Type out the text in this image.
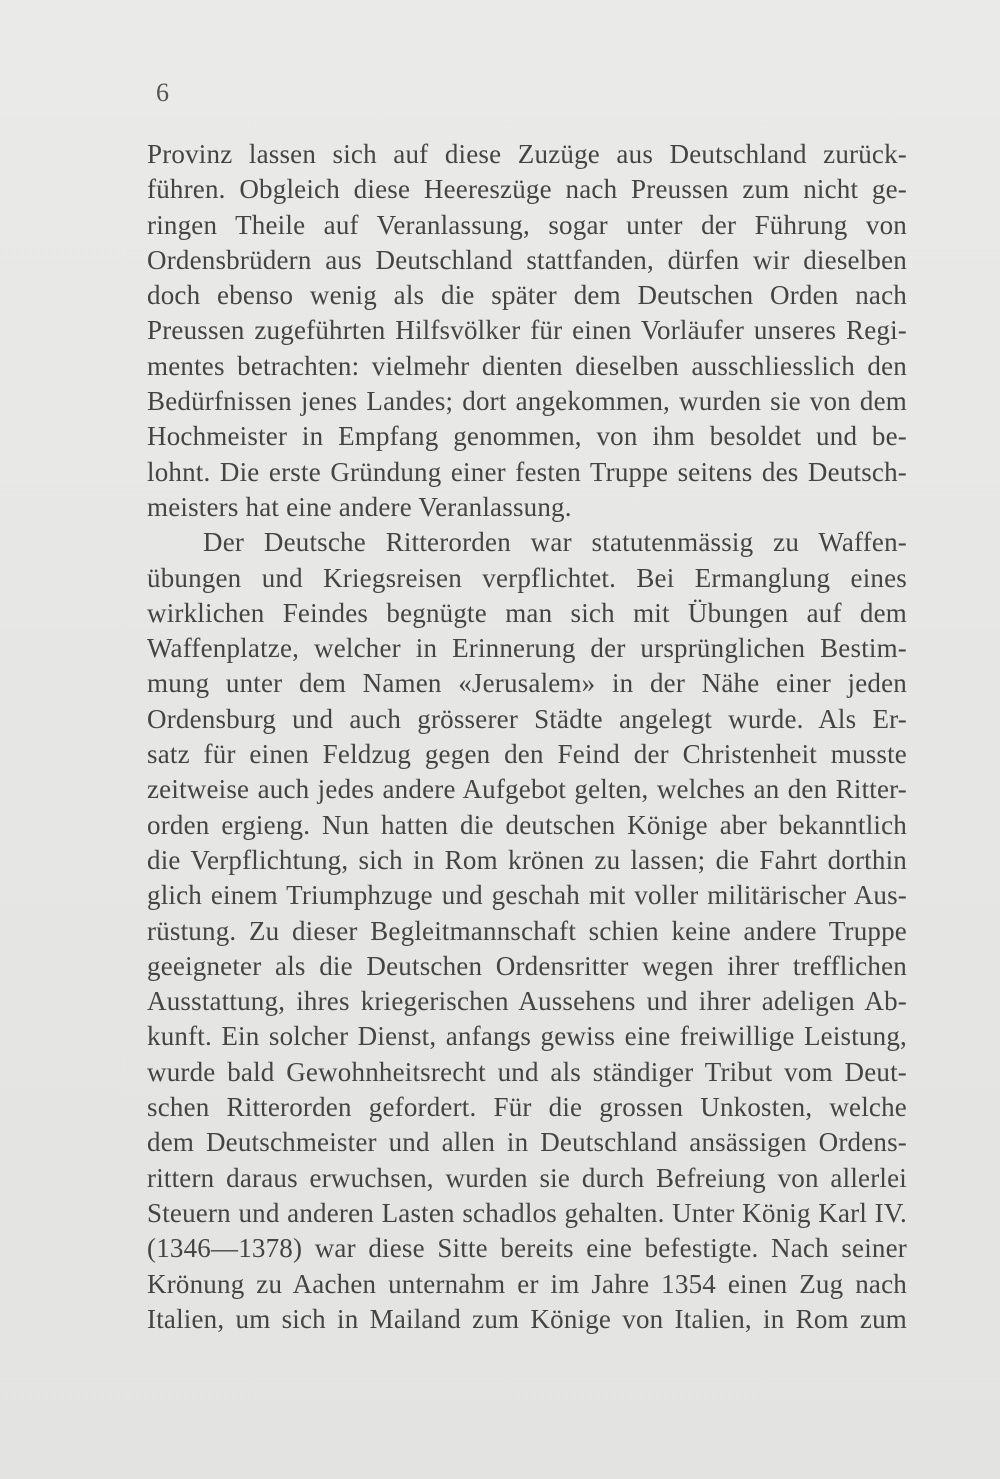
6
Provinz lassen sich auf diese Zuzüge aus Deutschland zurück-
führen. Obgleich diese Heereszüge nach Preussen zum nicht ge-
ringen Theile auf Veranlassung, sogar unter der Führung von
Ordensbrüdern aus Deutschland stattfanden, dürfen wir dieselben
doch ebenso wenig als die später dem Deutschen Orden nach
Preussen zugeführten Hilfsvölker für einen Vorläufer unseres Regi-
mentes betrachten: vielmehr dienten dieselben ausschliesslich den
Bedürfnissen jenes Landes; dort angekommen, wurden sie von dem
Hochmeister in Empfang genommen, von ihm besoldet und be-
lohnt. Die erste Gründung einer festen Truppe seitens des Deutsch-
meisters hat eine andere Veranlassung.
Der Deutsche Ritterorden war statutenmässig zu Waffen-
übungen und Kriegsreisen verpflichtet. Bei Ermanglung eines
wirklichen Feindes begnügte man sich mit Übungen auf dem
Waffenplatze, welcher in Erinnerung der ursprünglichen Bestim-
mung unter dem Namen «Jerusalem» in der Nähe einer jeden
Ordensburg und auch grösserer Städte angelegt wurde. Als Er-
satz für einen Feldzug gegen den Feind der Christenheit musste
zeitweise auch jedes andere Aufgebot gelten, welches an den Ritter-
orden ergieng. Nun hatten die deutschen Könige aber bekanntlich
die Verpflichtung, sich in Rom krönen zu lassen; die Fahrt dorthin
glich einem Triumphzuge und geschah mit voller militärischer Aus-
rüstung. Zu dieser Begleitmannschaft schien keine andere Truppe
geeigneter als die Deutschen Ordensritter wegen ihrer trefflichen
Ausstattung, ihres kriegerischen Aussehens und ihrer adeligen Ab-
kunft. Ein solcher Dienst, anfangs gewiss eine freiwillige Leistung,
wurde bald Gewohnheitsrecht und als ständiger Tribut vom Deut-
schen Ritterorden gefordert. Für die grossen Unkosten, welche
dem Deutschmeister und allen in Deutschland ansässigen Ordens-
rittern daraus erwuchsen, wurden sie durch Befreiung von allerlei
Steuern und anderen Lasten schadlos gehalten. Unter König Karl IV.
(1346—1378) war diese Sitte bereits eine befestigte. Nach seiner
Krönung zu Aachen unternahm er im Jahre 1354 einen Zug nach
Italien, um sich in Mailand zum Könige von Italien, in Rom zum
